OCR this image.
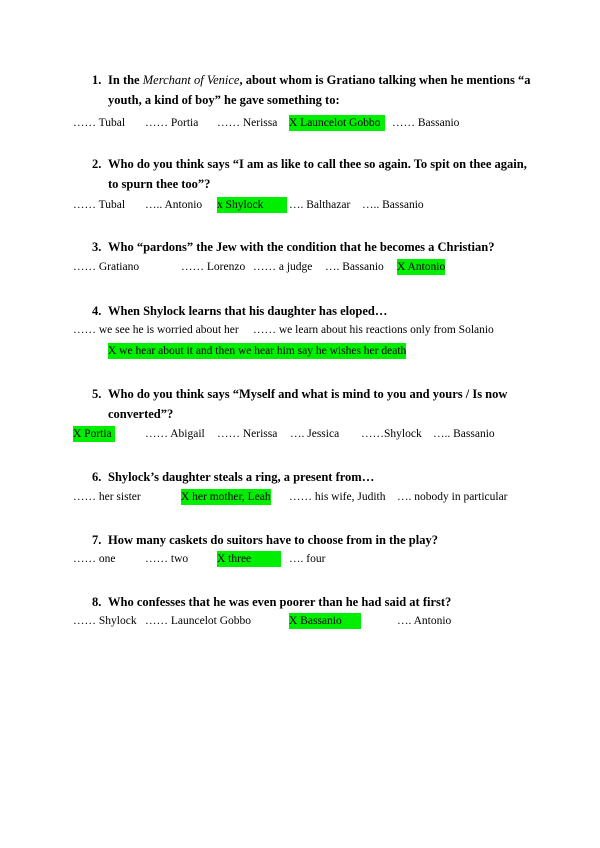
1. In the Merchant of Venice, about whom is Gratiano talking when he mentions “a youth, a kind of boy” he gave something to:
…… Tubal …… Portia …… Nerissa X Launcelot Gobbo	…… Bassanio
2. Who do you think says “I am as like to call thee so again. To spit on thee again, to spurn thee too”?
…… Tubal ….. Antonio x Shylock	…. Balthazar ….. Bassanio
3. Who “pardons” the Jew with the condition that he becomes a Christian?
…… Gratiano	…… Lorenzo …… a judge …. Bassanio X Antonio
4. When Shylock learns that his daughter has eloped…
…… we see he is worried about her …… we learn about his reactions only from Solanio
X we hear about it and then we hear him say he wishes her death
5. Who do you think says “Myself and what is mind to you and yours / Is now converted”?
X Portia	…… Abigail …… Nerissa …. Jessica ……Shylock ….. Bassanio
6. Shylock’s daughter steals a ring, a present from…
…… her sister	X her mother, Leah …… his wife, Judith …. nobody in particular
7. How many caskets do suitors have to choose from in the play?
…… one	…… two	X three	…. four
8. Who confesses that he was even poorer than he had said at first?
…… Shylock …… Launcelot Gobbo	X Bassanio	…. Antonio
